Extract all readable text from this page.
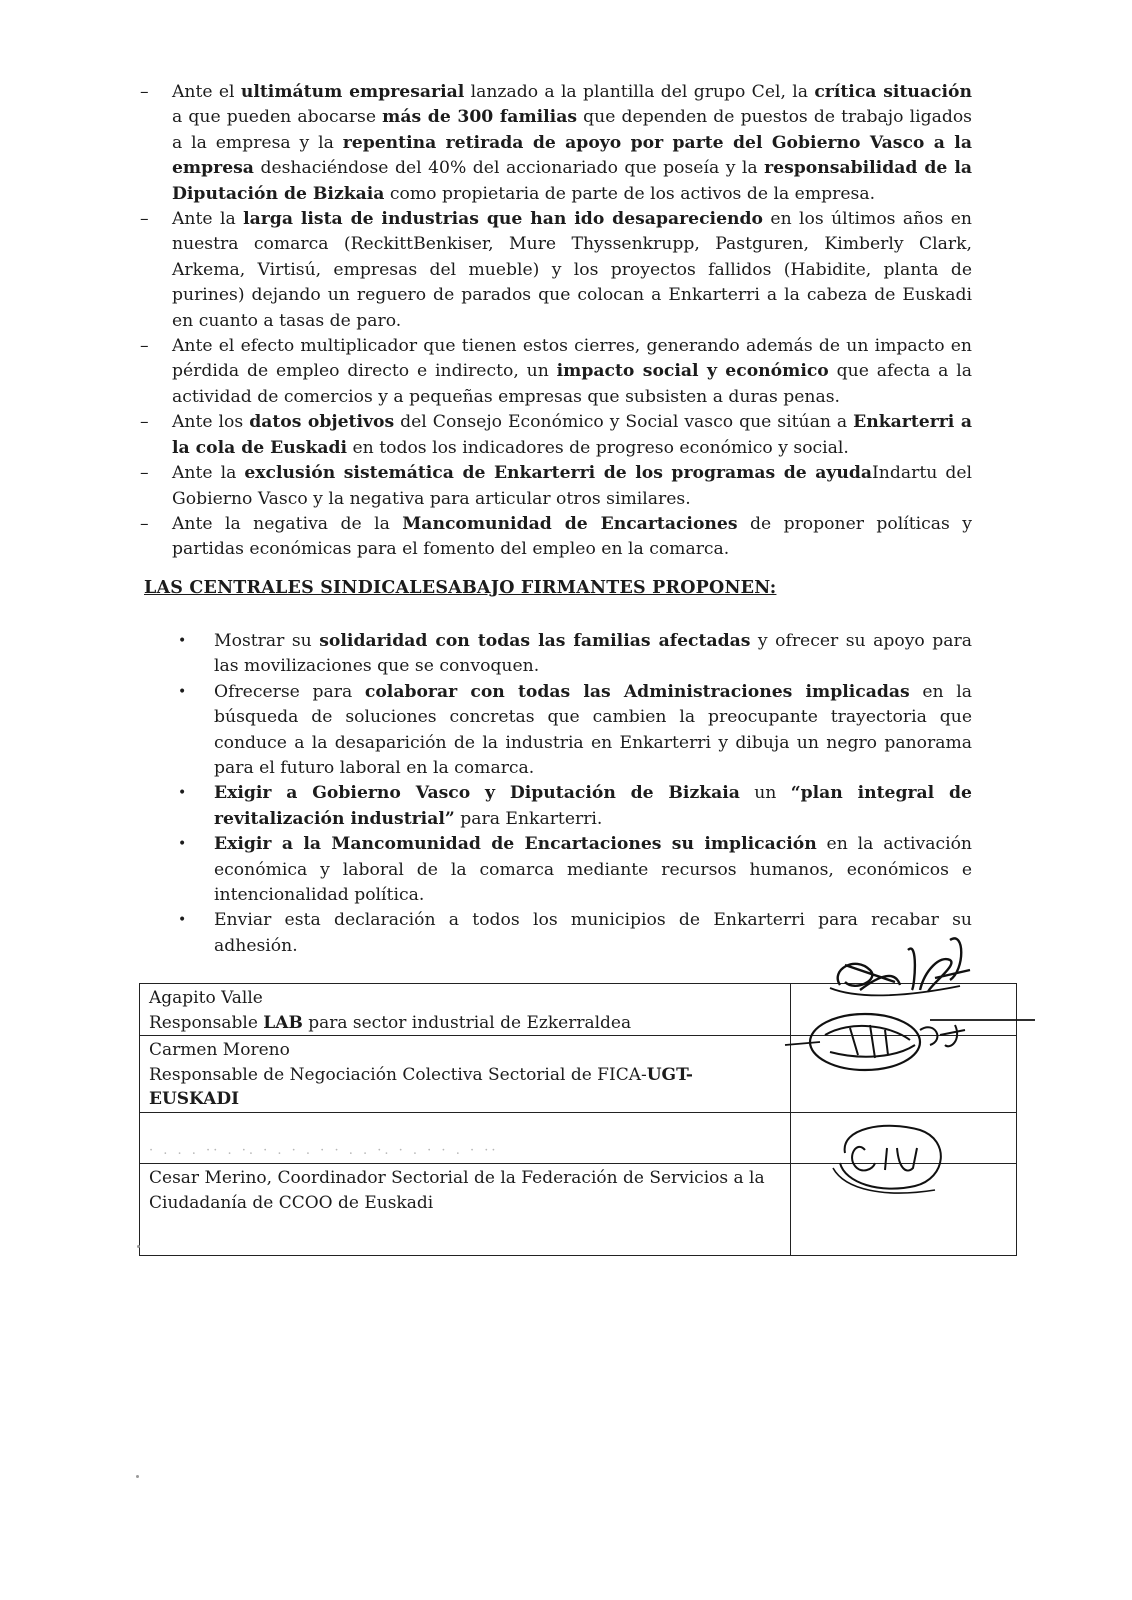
– Ante el ultimátum empresarial lanzado a la plantilla del grupo Cel, la crítica situación a que pueden abocarse más de 300 familias que dependen de puestos de trabajo ligados a la empresa y la repentina retirada de apoyo por parte del Gobierno Vasco a la empresa deshaciéndose del 40% del accionariado que poseía y la responsabilidad de la Diputación de Bizkaia como propietaria de parte de los activos de la empresa.
– Ante la larga lista de industrias que han ido desapareciendo en los últimos años en nuestra comarca (ReckittBenkiser, Mure Thyssenkrupp, Pastguren, Kimberly Clark, Arkema, Virtisú, empresas del mueble) y los proyectos fallidos (Habidite, planta de purines) dejando un reguero de parados que colocan a Enkarterri a la cabeza de Euskadi en cuanto a tasas de paro.
– Ante el efecto multiplicador que tienen estos cierres, generando además de un impacto en pérdida de empleo directo e indirecto, un impacto social y económico que afecta a la actividad de comercios y a pequeñas empresas que subsisten a duras penas.
– Ante los datos objetivos del Consejo Económico y Social vasco que sitúan a Enkarterri a la cola de Euskadi en todos los indicadores de progreso económico y social.
– Ante la exclusión sistemática de Enkarterri de los programas de ayudaIndartu del Gobierno Vasco y la negativa para articular otros similares.
– Ante la negativa de la Mancomunidad de Encartaciones de proponer políticas y partidas económicas para el fomento del empleo en la comarca.
LAS CENTRALES SINDICALESABAJO FIRMANTES PROPONEN:
• Mostrar su solidaridad con todas las familias afectadas y ofrecer su apoyo para las movilizaciones que se convoquen.
• Ofrecerse para colaborar con todas las Administraciones implicadas en la búsqueda de soluciones concretas que cambien la preocupante trayectoria que conduce a la desaparición de la industria en Enkarterri y dibuja un negro panorama para el futuro laboral en la comarca.
• Exigir a Gobierno Vasco y Diputación de Bizkaia un “plan integral de revitalización industrial” para Enkarterri.
• Exigir a la Mancomunidad de Encartaciones su implicación en la activación económica y laboral de la comarca mediante recursos humanos, económicos e intencionalidad política.
• Enviar esta declaración a todos los municipios de Enkarterri para recabar su adhesión.
Agapito Valle
Responsable LAB para sector industrial de Ezkerraldea	

Carmen Moreno
Responsable de Negociación Colectiva Sectorial de FICA-UGT-EUSKADI	

· . . . ·· . ·. · . · . · · . . ·. · . · · . · ··	

Cesar Merino, Coordinador Sectorial de la Federación de Servicios a la Ciudadanía de CCOO de Euskadi	
